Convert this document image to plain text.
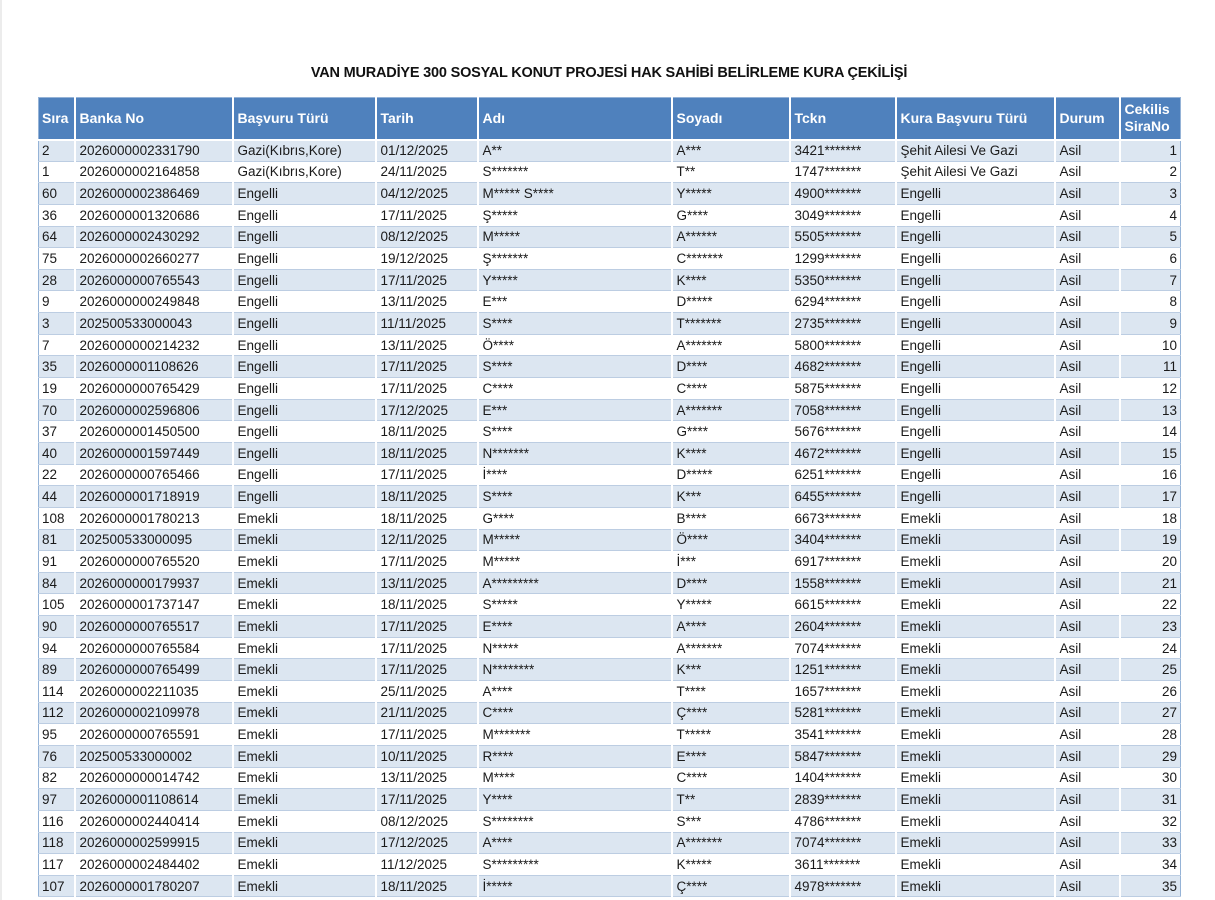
VAN MURADİYE 300 SOSYAL KONUT PROJESİ HAK SAHİBİ BELİRLEME KURA ÇEKİLİŞİ
Sıra	Banka No	Başvuru Türü	Tarih	Adı	Soyadı	Tckn	Kura Başvuru Türü	Durum	Cekilis SiraNo
2	2026000002331790	Gazi(Kıbrıs,Kore)	01/12/2025	A**	A***	3421*******	Şehit Ailesi Ve Gazi	Asil	1
1	2026000002164858	Gazi(Kıbrıs,Kore)	24/11/2025	S*******	T**	1747*******	Şehit Ailesi Ve Gazi	Asil	2
60	2026000002386469	Engelli	04/12/2025	M***** S****	Y*****	4900*******	Engelli	Asil	3
36	2026000001320686	Engelli	17/11/2025	Ş*****	G****	3049*******	Engelli	Asil	4
64	2026000002430292	Engelli	08/12/2025	M*****	A******	5505*******	Engelli	Asil	5
75	2026000002660277	Engelli	19/12/2025	Ş*******	C*******	1299*******	Engelli	Asil	6
28	2026000000765543	Engelli	17/11/2025	Y*****	K****	5350*******	Engelli	Asil	7
9	2026000000249848	Engelli	13/11/2025	E***	D*****	6294*******	Engelli	Asil	8
3	202500533000043	Engelli	11/11/2025	S****	T*******	2735*******	Engelli	Asil	9
7	2026000000214232	Engelli	13/11/2025	Ö****	A*******	5800*******	Engelli	Asil	10
35	2026000001108626	Engelli	17/11/2025	S****	D****	4682*******	Engelli	Asil	11
19	2026000000765429	Engelli	17/11/2025	C****	C****	5875*******	Engelli	Asil	12
70	2026000002596806	Engelli	17/12/2025	E***	A*******	7058*******	Engelli	Asil	13
37	2026000001450500	Engelli	18/11/2025	S****	G****	5676*******	Engelli	Asil	14
40	2026000001597449	Engelli	18/11/2025	N*******	K****	4672*******	Engelli	Asil	15
22	2026000000765466	Engelli	17/11/2025	İ****	D*****	6251*******	Engelli	Asil	16
44	2026000001718919	Engelli	18/11/2025	S****	K***	6455*******	Engelli	Asil	17
108	2026000001780213	Emekli	18/11/2025	G****	B****	6673*******	Emekli	Asil	18
81	202500533000095	Emekli	12/11/2025	M*****	Ö****	3404*******	Emekli	Asil	19
91	2026000000765520	Emekli	17/11/2025	M*****	İ***	6917*******	Emekli	Asil	20
84	2026000000179937	Emekli	13/11/2025	A*********	D****	1558*******	Emekli	Asil	21
105	2026000001737147	Emekli	18/11/2025	S*****	Y*****	6615*******	Emekli	Asil	22
90	2026000000765517	Emekli	17/11/2025	E****	A****	2604*******	Emekli	Asil	23
94	2026000000765584	Emekli	17/11/2025	N*****	A*******	7074*******	Emekli	Asil	24
89	2026000000765499	Emekli	17/11/2025	N********	K***	1251*******	Emekli	Asil	25
114	2026000002211035	Emekli	25/11/2025	A****	T****	1657*******	Emekli	Asil	26
112	2026000002109978	Emekli	21/11/2025	C****	Ç****	5281*******	Emekli	Asil	27
95	2026000000765591	Emekli	17/11/2025	M*******	T*****	3541*******	Emekli	Asil	28
76	202500533000002	Emekli	10/11/2025	R****	E****	5847*******	Emekli	Asil	29
82	2026000000014742	Emekli	13/11/2025	M****	C****	1404*******	Emekli	Asil	30
97	2026000001108614	Emekli	17/11/2025	Y****	T**	2839*******	Emekli	Asil	31
116	2026000002440414	Emekli	08/12/2025	S********	S***	4786*******	Emekli	Asil	32
118	2026000002599915	Emekli	17/12/2025	A****	A*******	7074*******	Emekli	Asil	33
117	2026000002484402	Emekli	11/12/2025	S*********	K*****	3611*******	Emekli	Asil	34
107	2026000001780207	Emekli	18/11/2025	İ*****	Ç****	4978*******	Emekli	Asil	35
